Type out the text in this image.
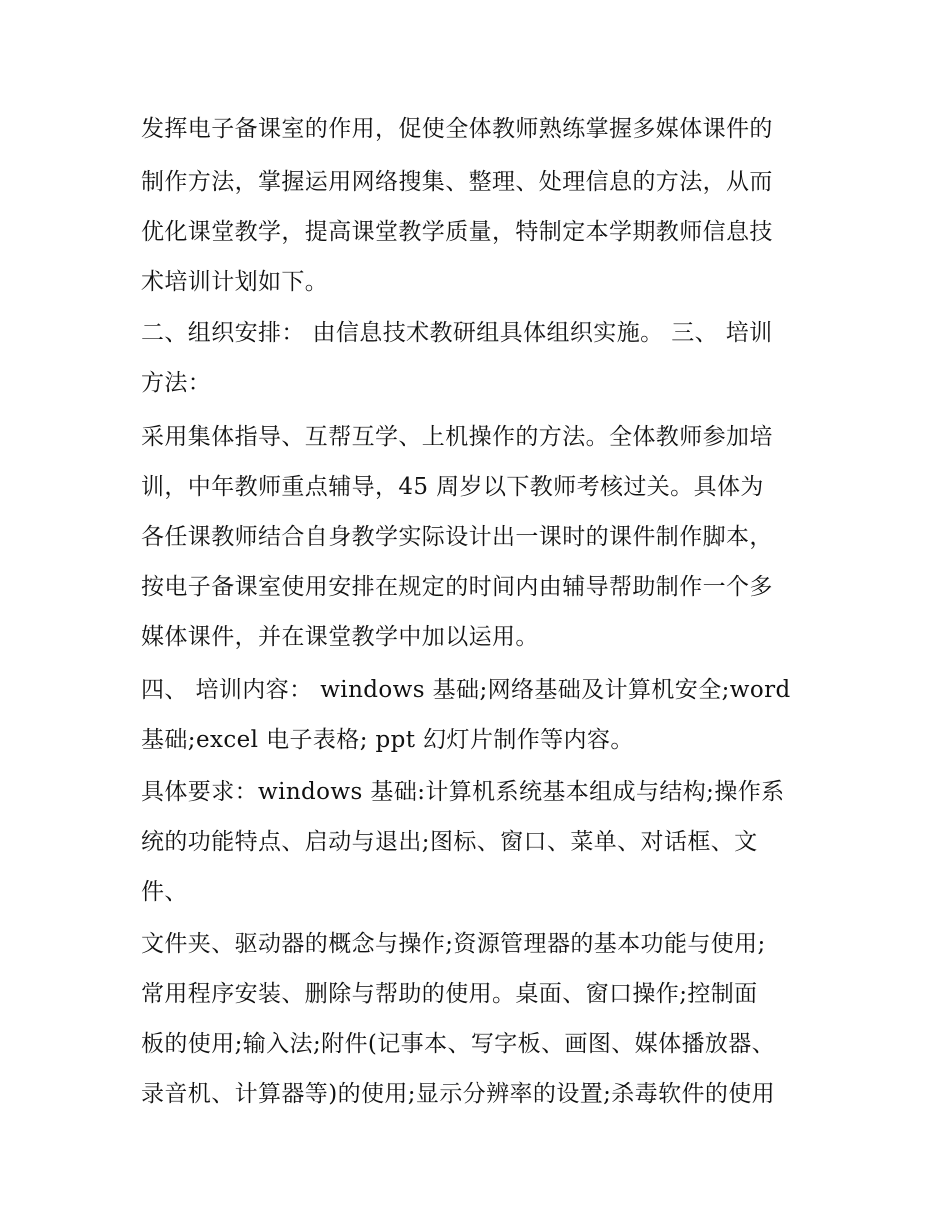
发挥电子备课室的作用，促使全体教师熟练掌握多媒体课件的
制作方法，掌握运用网络搜集、整理、处理信息的方法，从而
优化课堂教学，提高课堂教学质量，特制定本学期教师信息技
术培训计划如下。
二、组织安排： 由信息技术教研组具体组织实施。 三、 培训
方法：
采用集体指导、互帮互学、上机操作的方法。全体教师参加培
训，中年教师重点辅导，45 周岁以下教师考核过关。具体为
各任课教师结合自身教学实际设计出一课时的课件制作脚本，
按电子备课室使用安排在规定的时间内由辅导帮助制作一个多
媒体课件，并在课堂教学中加以运用。
四、 培训内容： windows 基础;网络基础及计算机安全;word
基础;excel 电子表格; ppt 幻灯片制作等内容。
具体要求：windows 基础:计算机系统基本组成与结构;操作系
统的功能特点、启动与退出;图标、窗口、菜单、对话框、文
件、
文件夹、驱动器的概念与操作;资源管理器的基本功能与使用;
常用程序安装、删除与帮助的使用。桌面、窗口操作;控制面
板的使用;输入法;附件(记事本、写字板、画图、媒体播放器、
录音机、计算器等)的使用;显示分辨率的设置;杀毒软件的使用
